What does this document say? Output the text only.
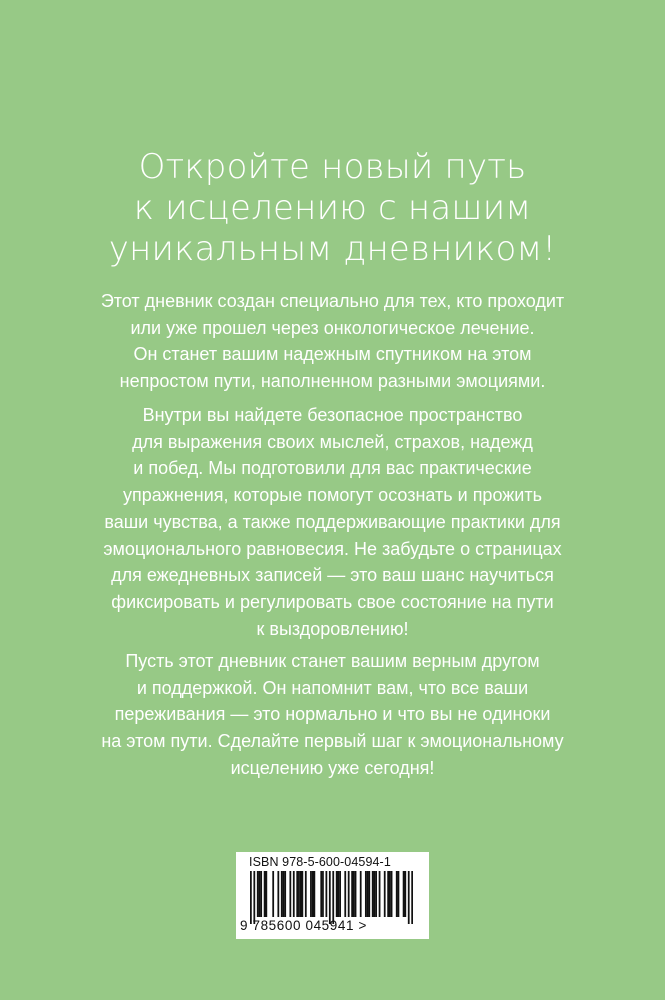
Откройте новый путь
к исцелению с нашим
уникальным дневником!
Этот дневник создан специально для тех, кто проходит
или уже прошел через онкологическое лечение.
Он станет вашим надежным спутником на этом
непростом пути, наполненном разными эмоциями.
Внутри вы найдете безопасное пространство
для выражения своих мыслей, страхов, надежд
и побед. Мы подготовили для вас практические
упражнения, которые помогут осознать и прожить
ваши чувства, а также поддерживающие практики для
эмоционального равновесия. Не забудьте о страницах
для ежедневных записей — это ваш шанс научиться
фиксировать и регулировать свое состояние на пути
к выздоровлению!
Пусть этот дневник станет вашим верным другом
и поддержкой. Он напомнит вам, что все ваши
переживания — это нормально и что вы не одиноки
на этом пути. Сделайте первый шаг к эмоциональному
исцелению уже сегодня!
ISBN 978-5-600-04594-1
9 785600 045941 >
